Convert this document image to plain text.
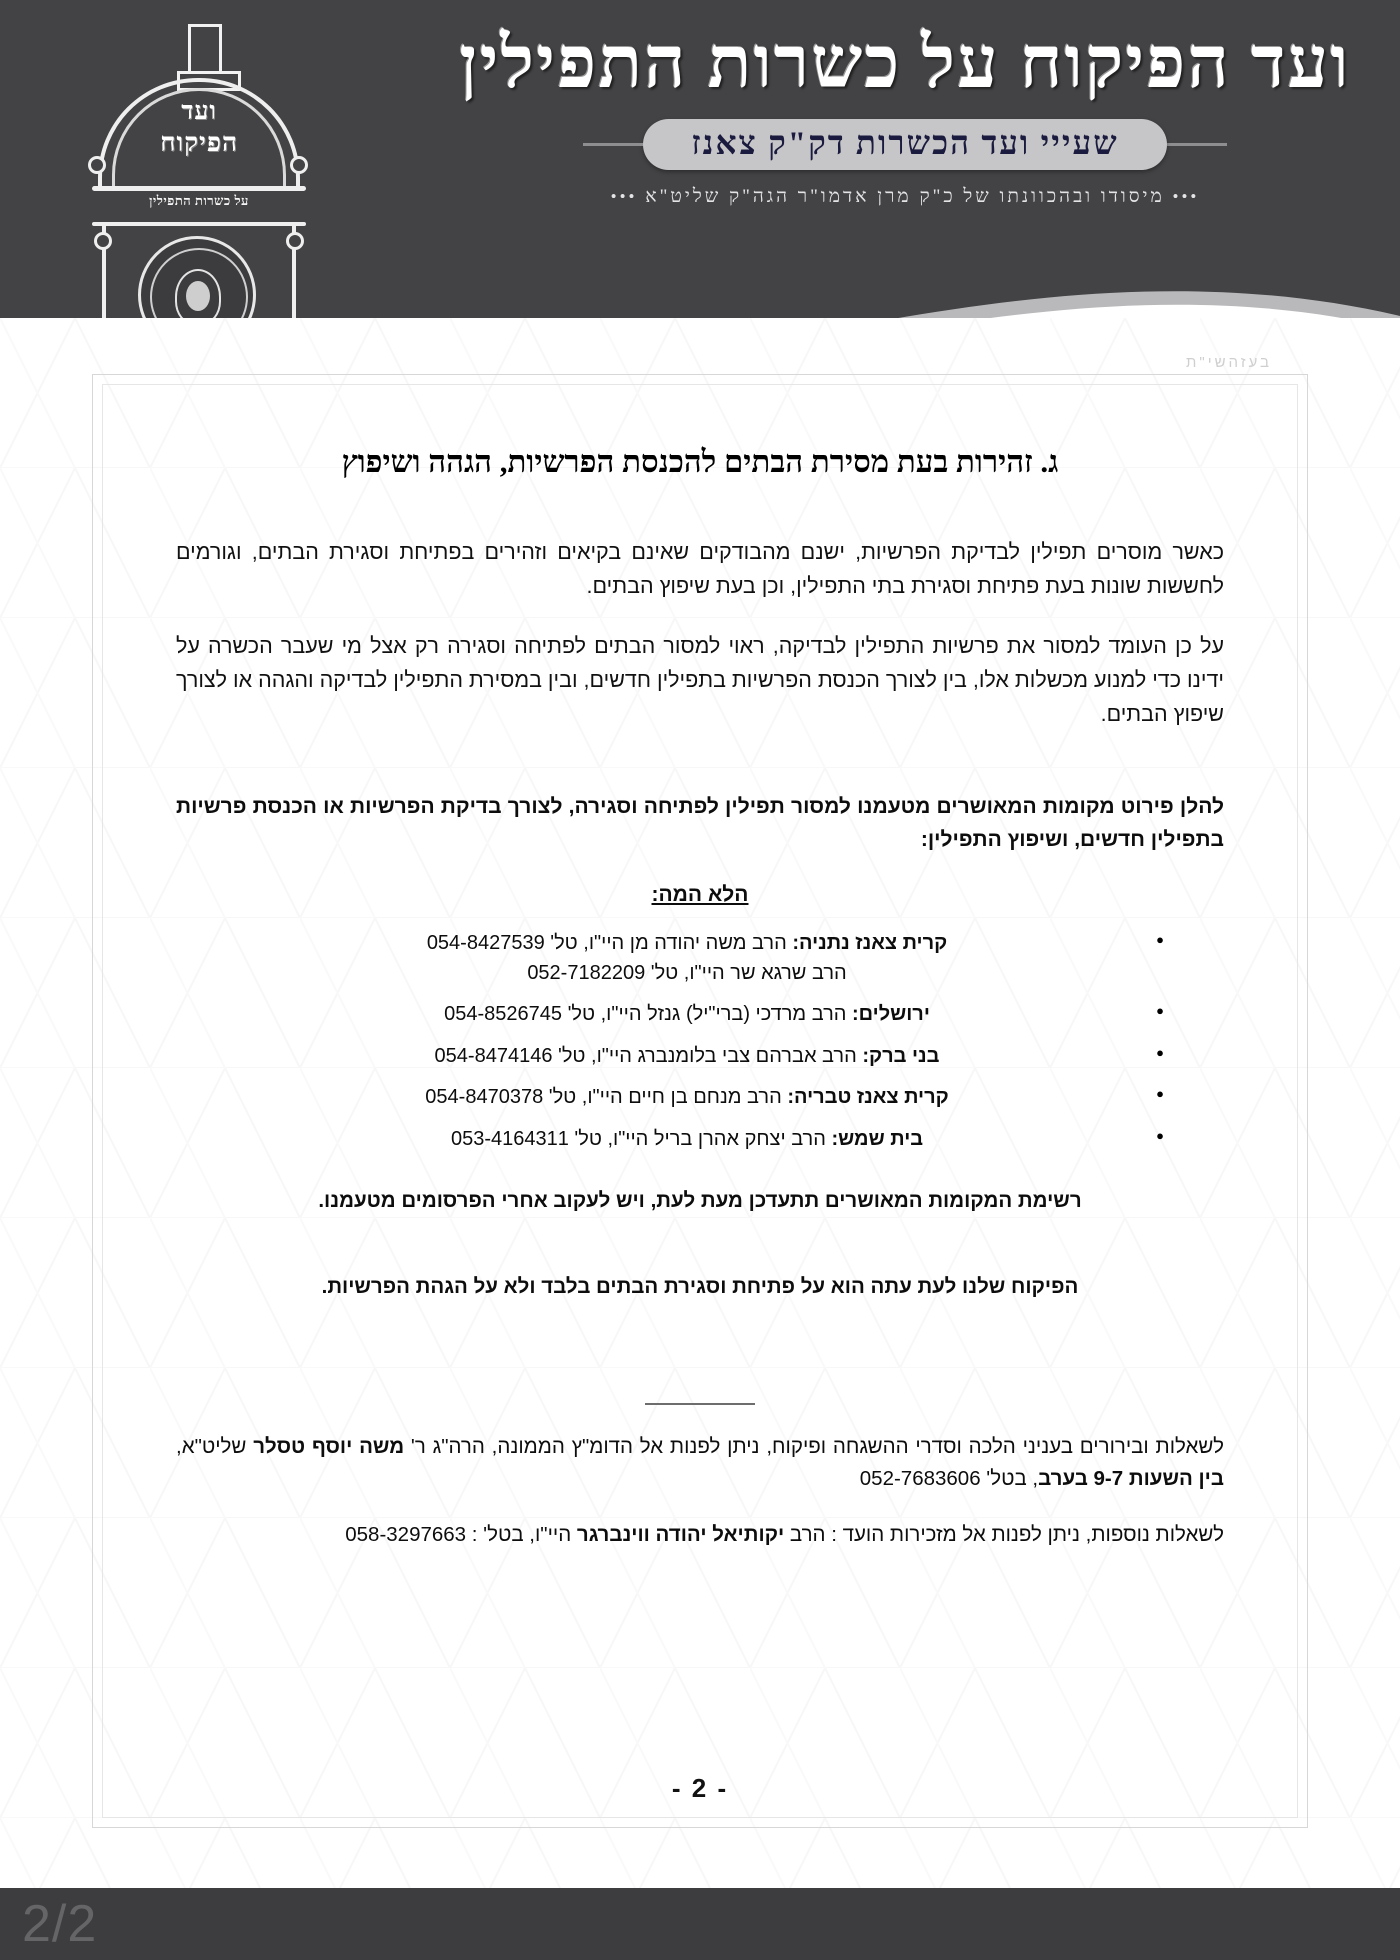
ועד
הפיקוח
על כשרות התפילין
ועד הפיקוח על כשרות התפילין
שעייי ועד הכשרות דק"ק צאנז
••• מיסודו ובהכוונתו של כ"ק מרן אדמו"ר הגה"ק שליט"א •••
בעזהשי"ת
ג. זהירות בעת מסירת הבתים להכנסת הפרשיות, הגהה ושיפוץ

כאשר מוסרים תפילין לבדיקת הפרשיות, ישנם מהבודקים שאינם בקיאים וזהירים בפתיחת וסגירת הבתים, וגורמים לחששות שונות בעת פתיחת וסגירת בתי התפילין, וכן בעת שיפוץ הבתים.

על כן העומד למסור את פרשיות התפילין לבדיקה, ראוי למסור הבתים לפתיחה וסגירה רק אצל מי שעבר הכשרה על ידינו כדי למנוע מכשלות אלו, בין לצורך הכנסת הפרשיות בתפילין חדשים, ובין במסירת התפילין לבדיקה והגהה או לצורך שיפוץ הבתים.

להלן פירוט מקומות המאושרים מטעמנו למסור תפילין לפתיחה וסגירה, לצורך בדיקת הפרשיות או הכנסת פרשיות בתפילין חדשים, ושיפוץ התפילין:

הלא המה:
● קרית צאנז נתניה: הרב משה יהודה מן היי"ו, טל' 054-8427539
הרב שרגא שר היי"ו, טל' 052-7182209
● ירושלים: הרב מרדכי (ברי"יל) גנזל היי"ו, טל' 054-8526745
● בני ברק: הרב אברהם צבי בלומנברג היי"ו, טל' 054-8474146
● קרית צאנז טבריה: הרב מנחם בן חיים היי"ו, טל' 054-8470378
● בית שמש: הרב יצחק אהרן בריל היי"ו, טל' 053-4164311

רשימת המקומות המאושרים תתעדכן מעת לעת, ויש לעקוב אחרי הפרסומים מטעמנו.

הפיקוח שלנו לעת עתה הוא על פתיחת וסגירת הבתים בלבד ולא על הגהת הפרשיות.

לשאלות ובירורים בעניני הלכה וסדרי ההשגחה ופיקוח, ניתן לפנות אל הדומ"ץ הממונה, הרה"ג ר' משה יוסף טסלר שליט"א, בין השעות 9-7 בערב, בטל' 052-7683606

לשאלות נוספות, ניתן לפנות אל מזכירות הועד : הרב יקותיאל יהודה ווינברגר היי"ו, בטל' : 058-3297663

- 2 -
2/2
